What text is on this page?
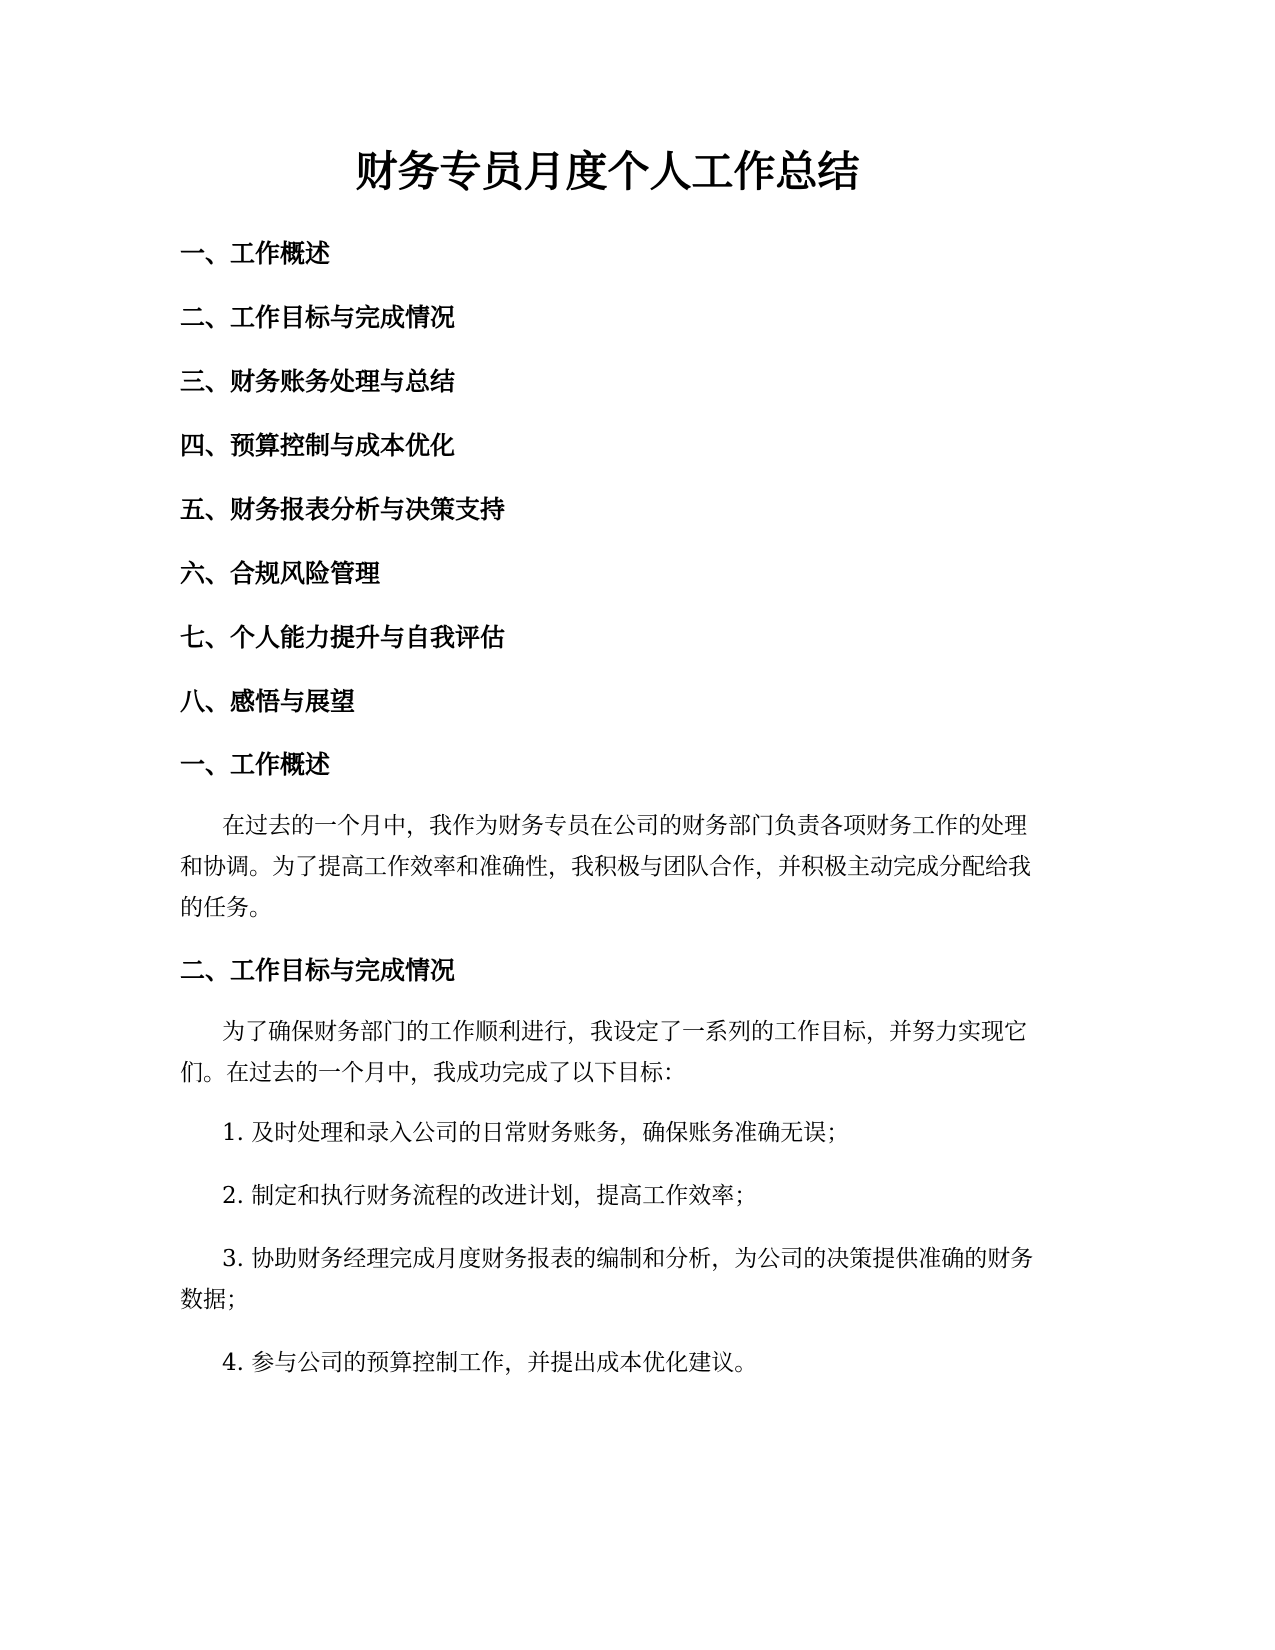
财务专员月度个人工作总结
一、工作概述
二、工作目标与完成情况
三、财务账务处理与总结
四、预算控制与成本优化
五、财务报表分析与决策支持
六、合规风险管理
七、个人能力提升与自我评估
八、感悟与展望
一、工作概述

在过去的一个月中，我作为财务专员在公司的财务部门负责各项财务工作的处理和协调。为了提高工作效率和准确性，我积极与团队合作，并积极主动完成分配给我的任务。

二、工作目标与完成情况

为了确保财务部门的工作顺利进行，我设定了一系列的工作目标，并努力实现它们。在过去的一个月中，我成功完成了以下目标：

1. 及时处理和录入公司的日常财务账务，确保账务准确无误；

2. 制定和执行财务流程的改进计划，提高工作效率；

3. 协助财务经理完成月度财务报表的编制和分析，为公司的决策提供准确的财务数据；

4. 参与公司的预算控制工作，并提出成本优化建议。
